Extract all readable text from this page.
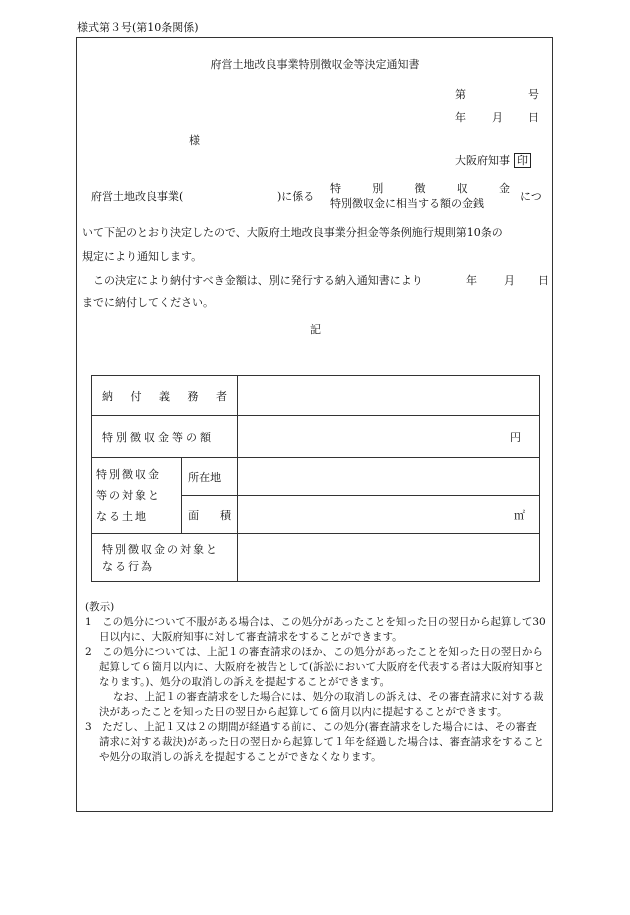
様式第３号(第10条関係)
府営土地改良事業特別徴収金等決定通知書
第	号
年 月 日
様
大阪府知事 印
府営土地改良事業(	)に係る
特	別	徴	収	金
特別徴収金に相当する額の金銭
につ
いて下記のとおり決定したので、大阪府土地改良事業分担金等条例施行規則第10条の
規定により通知します。
この決定により納付すべき金額は、別に発行する納入通知書により	年 月 日
までに納付してください。
記
納 付 義 務 者		

特別徴収金等の額		円

特別徴収金
等の対象と
なる土地	所在地	

	面 積	㎡

特別徴収金の対象と
なる行為		

(教示)

1　この処分について不服がある場合は、この処分があったことを知った日の翌日から起算して30日以内に、大阪府知事に対して審査請求をすることができます。

2　この処分については、上記１の審査請求のほか、この処分があったことを知った日の翌日から起算して６箇月以内に、大阪府を被告として(訴訟において大阪府を代表する者は大阪府知事となります。)、処分の取消しの訴えを提起することができます。

なお、上記１の審査請求をした場合には、処分の取消しの訴えは、その審査請求に対する裁決があったことを知った日の翌日から起算して６箇月以内に提起することができます。

3　ただし、上記１又は２の期間が経過する前に、この処分(審査請求をした場合には、その審査請求に対する裁決)があった日の翌日から起算して１年を経過した場合は、審査請求をすることや処分の取消しの訴えを提起することができなくなります。
